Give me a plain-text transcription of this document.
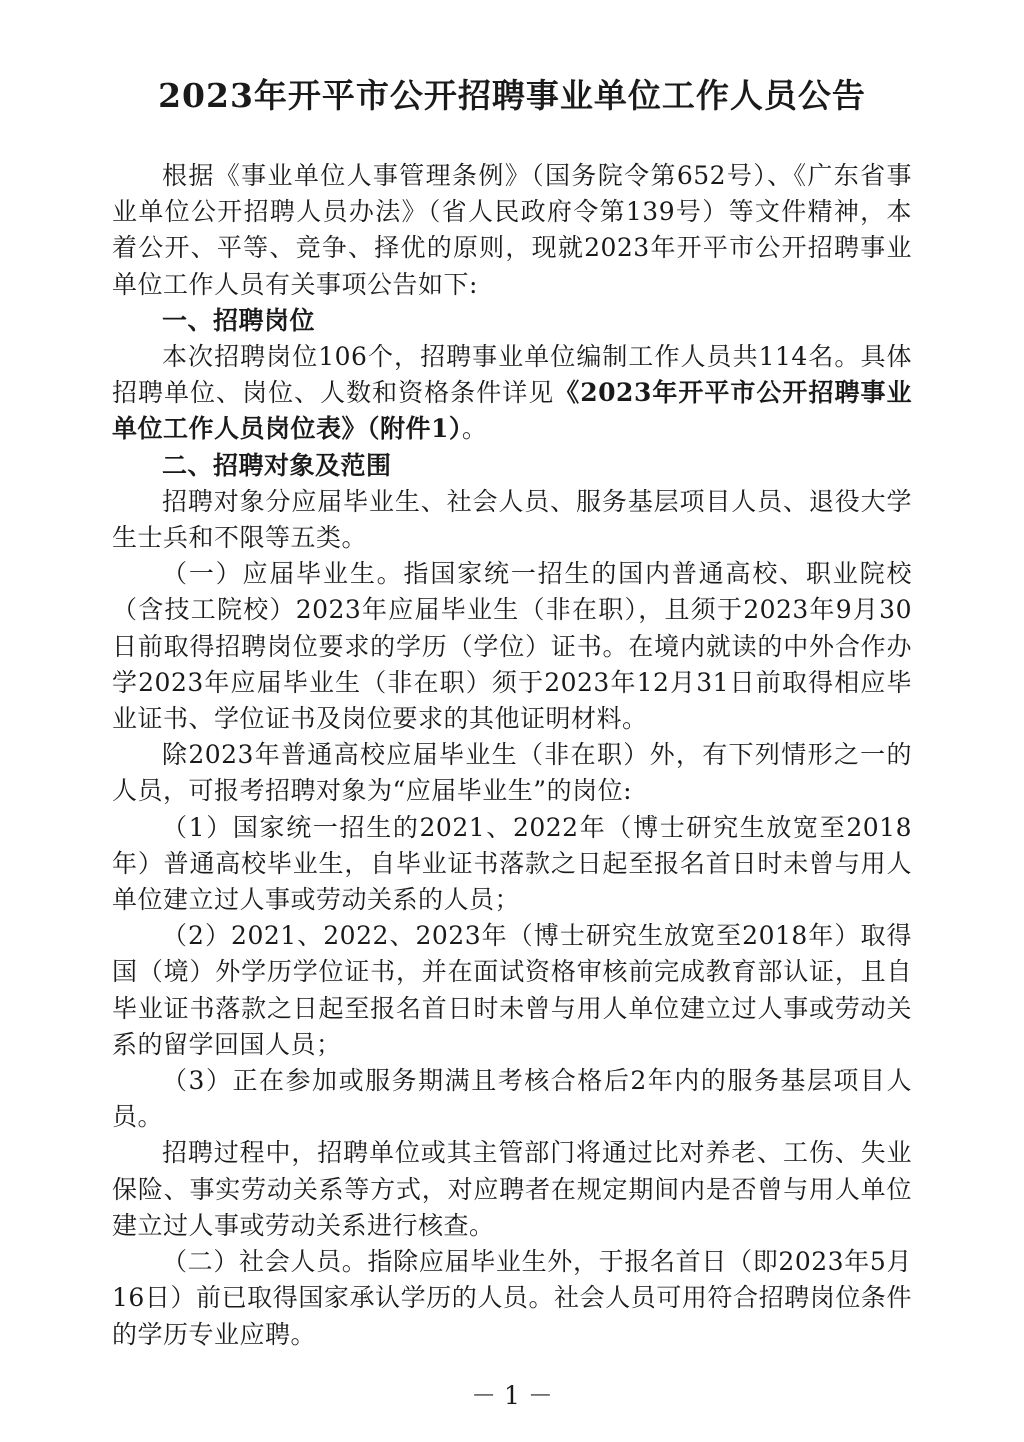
2023年开平市公开招聘事业单位工作人员公告

根据《事业单位人事管理条例》（国务院令第652号）、《广东省事业单位公开招聘人员办法》（省人民政府令第139号）等文件精神，本着公开、平等、竞争、择优的原则，现就2023年开平市公开招聘事业单位工作人员有关事项公告如下:

一、招聘岗位

本次招聘岗位106个，招聘事业单位编制工作人员共114名。具体招聘单位、岗位、人数和资格条件详见《2023年开平市公开招聘事业单位工作人员岗位表》（附件1）。

二、招聘对象及范围

招聘对象分应届毕业生、社会人员、服务基层项目人员、退役大学生士兵和不限等五类。

（一）应届毕业生。指国家统一招生的国内普通高校、职业院校（含技工院校）2023年应届毕业生（非在职），且须于2023年9月30日前取得招聘岗位要求的学历（学位）证书。在境内就读的中外合作办学2023年应届毕业生（非在职）须于2023年12月31日前取得相应毕业证书、学位证书及岗位要求的其他证明材料。

除2023年普通高校应届毕业生（非在职）外，有下列情形之一的人员，可报考招聘对象为“应届毕业生”的岗位:

（1）国家统一招生的2021、2022年（博士研究生放宽至2018年）普通高校毕业生，自毕业证书落款之日起至报名首日时未曾与用人单位建立过人事或劳动关系的人员；

（2）2021、2022、2023年（博士研究生放宽至2018年）取得国（境）外学历学位证书，并在面试资格审核前完成教育部认证，且自毕业证书落款之日起至报名首日时未曾与用人单位建立过人事或劳动关系的留学回国人员；

（3）正在参加或服务期满且考核合格后2年内的服务基层项目人员。

招聘过程中，招聘单位或其主管部门将通过比对养老、工伤、失业保险、事实劳动关系等方式，对应聘者在规定期间内是否曾与用人单位建立过人事或劳动关系进行核查。

（二）社会人员。指除应届毕业生外，于报名首日（即2023年5月16日）前已取得国家承认学历的人员。社会人员可用符合招聘岗位条件的学历专业应聘。

－ 1 －
